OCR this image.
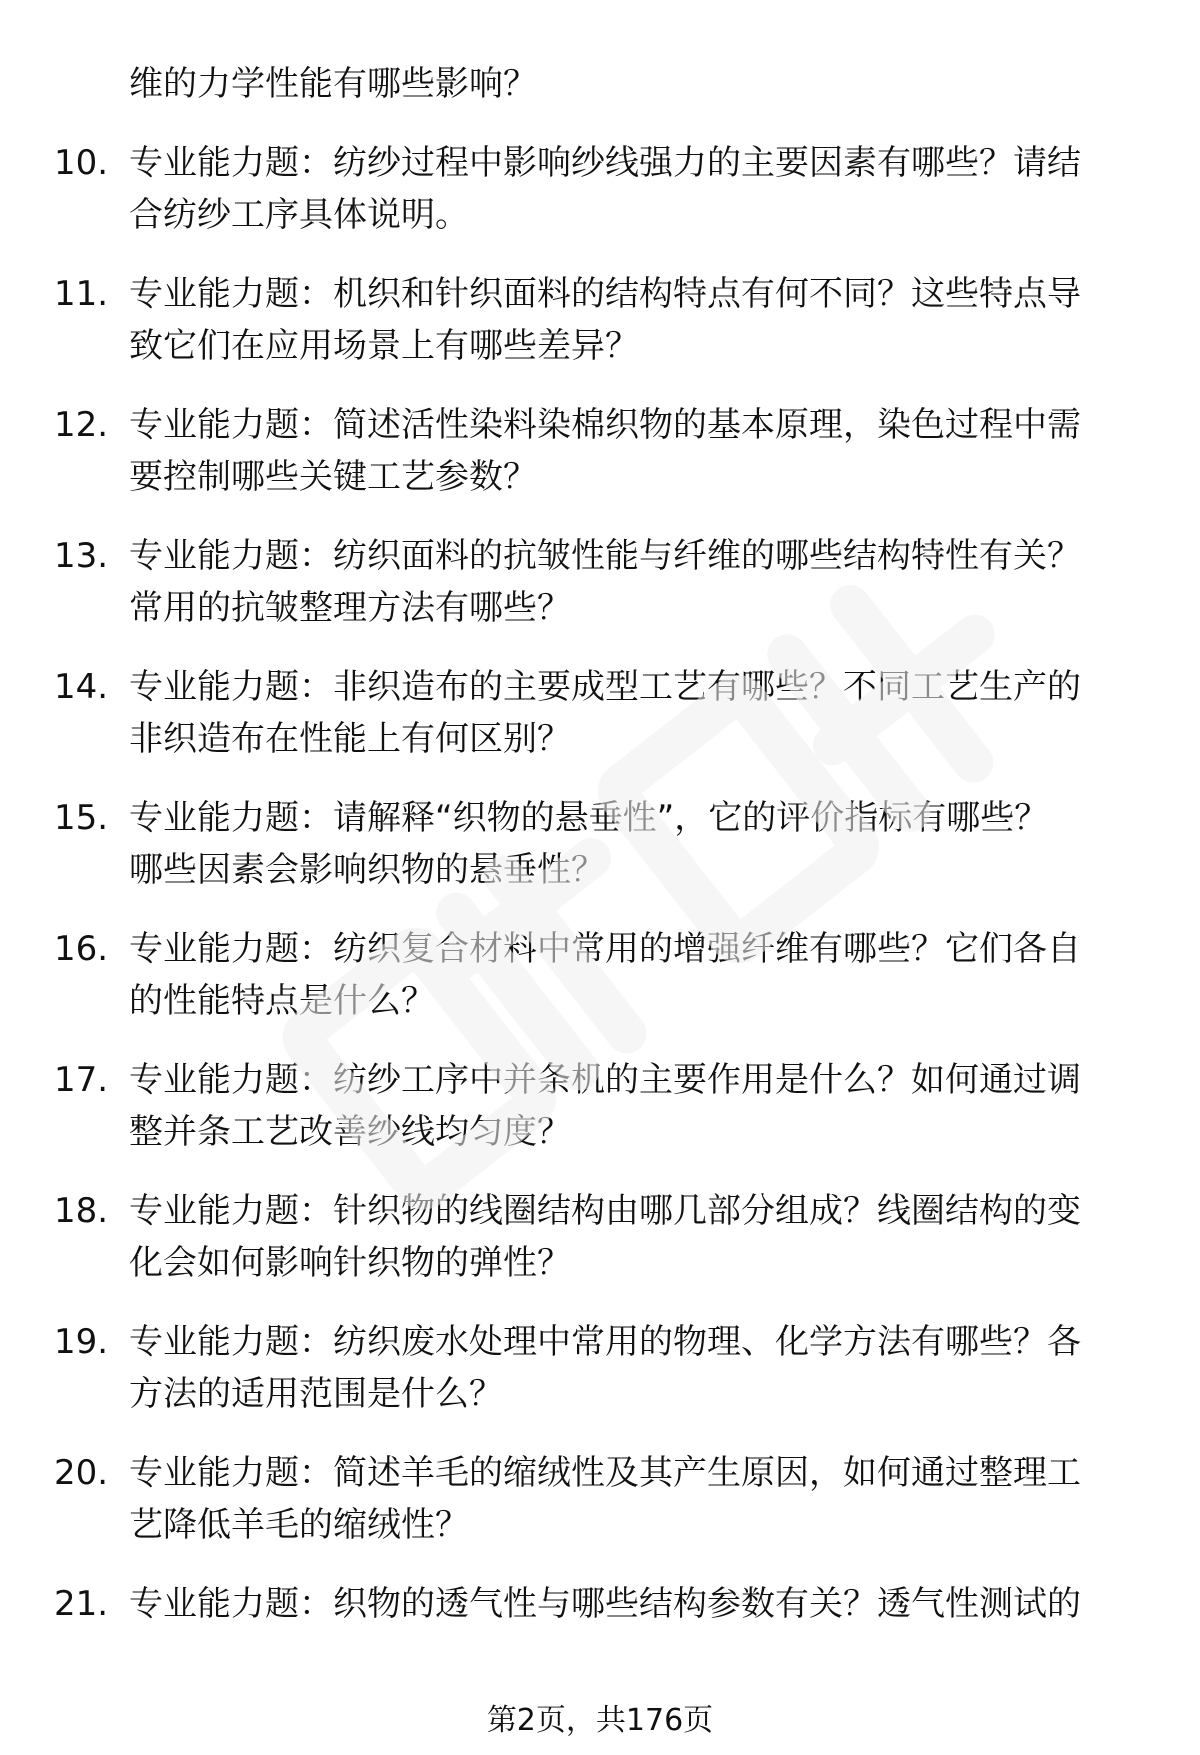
维的力学性能有哪些影响？
10. 专业能力题：纺纱过程中影响纱线强力的主要因素有哪些？请结
合纺纱工序具体说明。
11. 专业能力题：机织和针织面料的结构特点有何不同？这些特点导
致它们在应用场景上有哪些差异？
12. 专业能力题：简述活性染料染棉织物的基本原理，染色过程中需
要控制哪些关键工艺参数？
13. 专业能力题：纺织面料的抗皱性能与纤维的哪些结构特性有关？
常用的抗皱整理方法有哪些？
14. 专业能力题：非织造布的主要成型工艺有哪些？不同工艺生产的
非织造布在性能上有何区别？
15. 专业能力题：请解释“织物的悬垂性”，它的评价指标有哪些？
哪些因素会影响织物的悬垂性？
16. 专业能力题：纺织复合材料中常用的增强纤维有哪些？它们各自
的性能特点是什么？
17. 专业能力题：纺纱工序中并条机的主要作用是什么？如何通过调
整并条工艺改善纱线均匀度？
18. 专业能力题：针织物的线圈结构由哪几部分组成？线圈结构的变
化会如何影响针织物的弹性？
19. 专业能力题：纺织废水处理中常用的物理、化学方法有哪些？各
方法的适用范围是什么？
20. 专业能力题：简述羊毛的缩绒性及其产生原因，如何通过整理工
艺降低羊毛的缩绒性？
21. 专业能力题：织物的透气性与哪些结构参数有关？透气性测试的
第2页，共176页
